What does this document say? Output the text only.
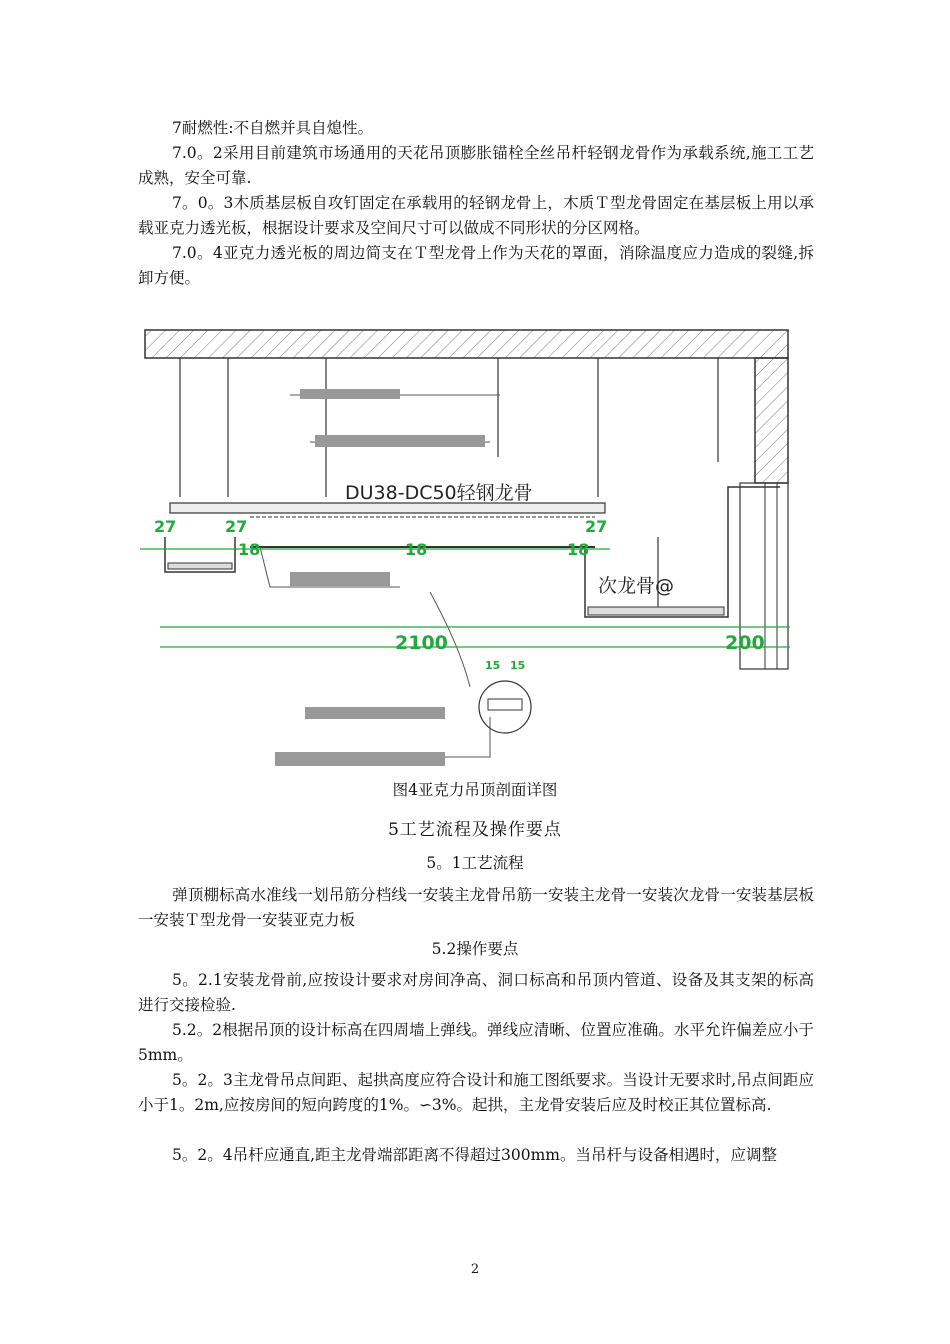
7耐燃性:不自燃并具自熄性。
7.0。2采用目前建筑市场通用的天花吊顶膨胀锚栓全丝吊杆轻钢龙骨作为承载系统,施工工艺成熟，安全可靠.
7。0。3木质基层板自攻钉固定在承载用的轻钢龙骨上，木质Ｔ型龙骨固定在基层板上用以承载亚克力透光板，根据设计要求及空间尺寸可以做成不同形状的分区网格。
7.0。4亚克力透光板的周边简支在Ｔ型龙骨上作为天花的罩面，消除温度应力造成的裂缝,拆卸方便。
DU38-DC50轻钢龙骨
次龙骨@
27	27	27
18	18	18
2100	200
15 15
图4亚克力吊顶剖面详图
5工艺流程及操作要点
5。1工艺流程
弹顶棚标高水准线一划吊筋分档线一安装主龙骨吊筋一安装主龙骨一安装次龙骨一安装基层板一安装Ｔ型龙骨一安装亚克力板
5.2操作要点
5。2.1安装龙骨前,应按设计要求对房间净高、洞口标高和吊顶内管道、设备及其支架的标高进行交接检验.
5.2。2根据吊顶的设计标高在四周墙上弹线。弹线应清晰、位置应准确。水平允许偏差应小于5mm。
5。2。3主龙骨吊点间距、起拱高度应符合设计和施工图纸要求。当设计无要求时,吊点间距应小于1。2m,应按房间的短向跨度的1%。∽3%。起拱，主龙骨安装后应及时校正其位置标高.
5。2。4吊杆应通直,距主龙骨端部距离不得超过300mm。当吊杆与设备相遇时，应调整
2
